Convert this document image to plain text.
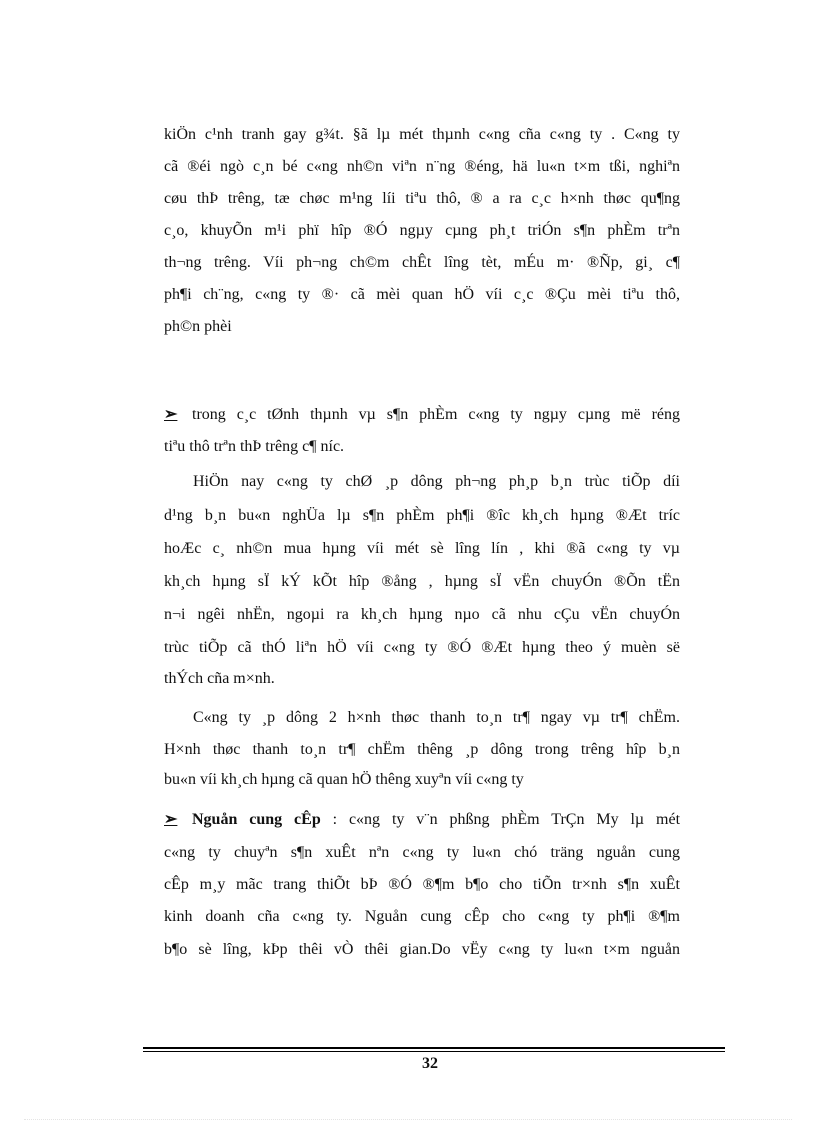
kiÖn c¹nh tranh gay g¾t. §ã lµ mét thµnh c«ng cña c«ng ty . C«ng ty
cã ®éi ngò c¸n bé c«ng nh©n viªn n¨ng ®éng, hä lu«n t×m tßi, nghiªn
cøu thÞ trêng, tæ chøc m¹ng líi tiªu thô, ® a ra c¸c h×nh thøc qu¶ng
c¸o, khuyÕn m¹i phï hîp ®Ó ngµy cµng ph¸t triÓn s¶n phÈm trªn
th¬ng trêng. Víi ph¬ng ch©m chÊt lîng tèt, mÉu m· ®Ñp, gi¸ c¶
ph¶i ch¨ng, c«ng ty ®· cã mèi quan hÖ víi c¸c ®Çu mèi tiªu thô,
ph©n phèi
➢ trong c¸c tØnh thµnh vµ s¶n phÈm c«ng ty ngµy cµng më réng
tiªu thô trªn thÞ trêng c¶ níc.
HiÖn nay c«ng ty chØ ¸p dông ph¬ng ph¸p b¸n trùc tiÕp díi
d¹ng b¸n bu«n nghÜa lµ s¶n phÈm ph¶i ®îc kh¸ch hµng ®Æt tríc
hoÆc c¸ nh©n mua hµng víi mét sè lîng lín , khi ®ã c«ng ty vµ
kh¸ch hµng sÏ kÝ kÕt hîp ®ång , hµng sÏ vËn chuyÓn ®Õn tËn
n¬i ngêi nhËn, ngoµi ra kh¸ch hµng nµo cã nhu cÇu vËn chuyÓn
trùc tiÕp cã thÓ liªn hÖ víi c«ng ty ®Ó ®Æt hµng theo ý muèn së
thÝch cña m×nh.
C«ng ty ¸p dông 2 h×nh thøc thanh to¸n tr¶ ngay vµ tr¶ chËm.
H×nh thøc thanh to¸n tr¶ chËm thêng ¸p dông trong trêng hîp b¸n
bu«n víi kh¸ch hµng cã quan hÖ thêng xuyªn víi c«ng ty
➢ Nguån cung cÊp : c«ng ty v¨n phßng phÈm TrÇn My lµ mét
c«ng ty chuyªn s¶n xuÊt nªn c«ng ty lu«n chó träng nguån cung
cÊp m¸y mãc trang thiÕt bÞ ®Ó ®¶m b¶o cho tiÕn tr×nh s¶n xuÊt
kinh doanh cña c«ng ty. Nguån cung cÊp cho c«ng ty ph¶i ®¶m
b¶o sè lîng, kÞp thêi vÒ thêi gian.Do vËy c«ng ty lu«n t×m nguån
32
